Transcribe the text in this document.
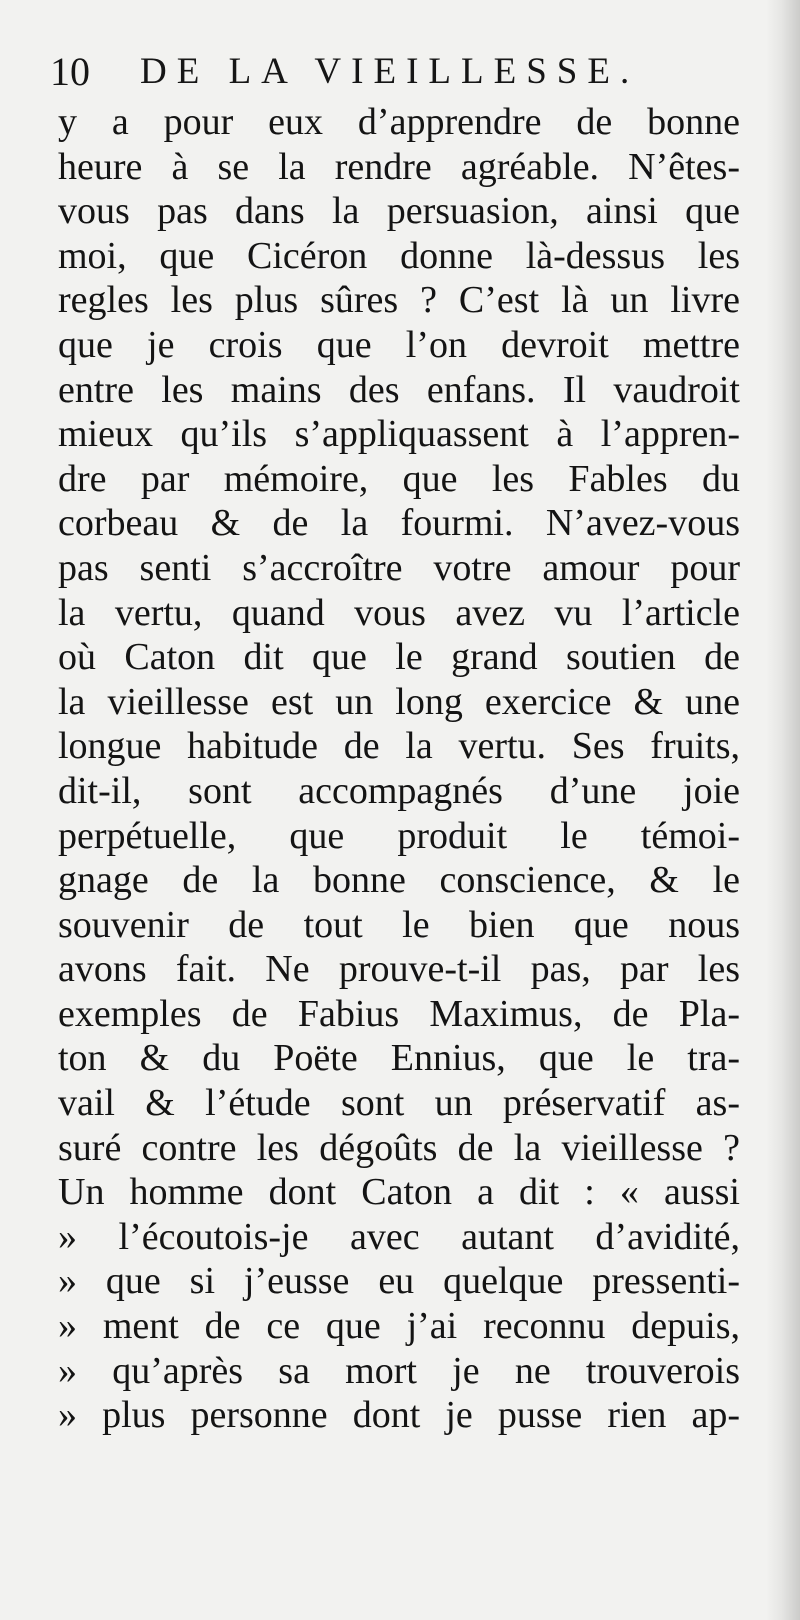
10 DE LA VIEILLESSE.
y a pour eux d’apprendre de bonne
heure à se la rendre agréable. N’êtes-
vous pas dans la persuasion, ainsi que
moi, que Cicéron donne là-dessus les
regles les plus sûres ? C’est là un livre
que je crois que l’on devroit mettre
entre les mains des enfans. Il vaudroit
mieux qu’ils s’appliquassent à l’appren-
dre par mémoire, que les Fables du
corbeau & de la fourmi. N’avez-vous
pas senti s’accroître votre amour pour
la vertu, quand vous avez vu l’article
où Caton dit que le grand soutien de
la vieillesse est un long exercice & une
longue habitude de la vertu. Ses fruits,
dit-il, sont accompagnés d’une joie
perpétuelle, que produit le témoi-
gnage de la bonne conscience, & le
souvenir de tout le bien que nous
avons fait. Ne prouve-t-il pas, par les
exemples de Fabius Maximus, de Pla-
ton & du Poëte Ennius, que le tra-
vail & l’étude sont un préservatif as-
suré contre les dégoûts de la vieillesse ?
Un homme dont Caton a dit : « aussi
» l’écoutois-je avec autant d’avidité,
» que si j’eusse eu quelque pressenti-
» ment de ce que j’ai reconnu depuis,
» qu’après sa mort je ne trouverois
» plus personne dont je pusse rien ap-
